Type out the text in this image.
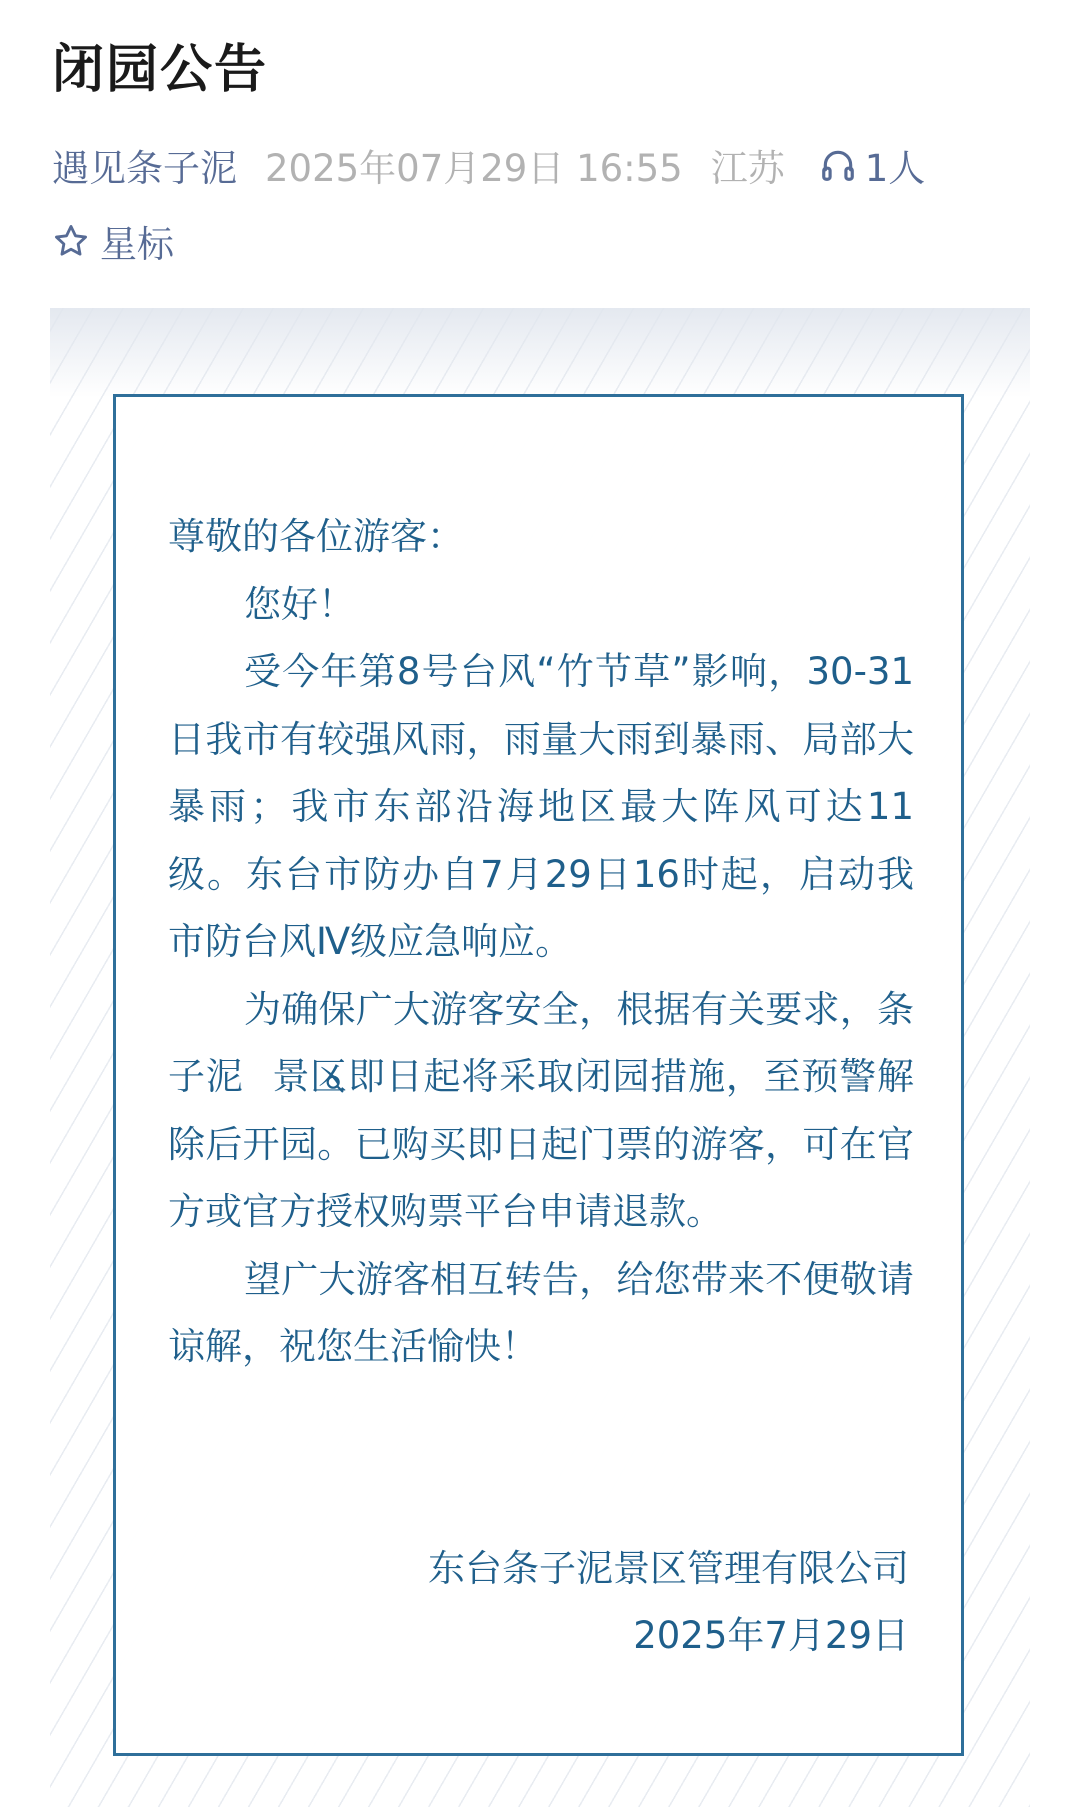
闭园公告
遇见条子泥 2025年07月29日 16:55 江苏 1人
星标

尊敬的各位游客：

您好！

受今年第8号台风“竹节草”影响，30-31日我市有较强风雨，雨量大雨到暴雨、局部大暴雨；我市东部沿海地区最大阵风可达11级。东台市防办自7月29日16时起，启动我市防台风Ⅳ级应急响应。

为确保广大游客安全，根据有关要求，条子泥 景区即日起将采取闭园措施，至预警解除后开园。已购买即日起门票的游客，可在官方或官方授权购票平台申请退款。

望广大游客相互转告，给您带来不便敬请谅解，祝您生活愉快！

东台条子泥景区管理有限公司
2025年7月29日
